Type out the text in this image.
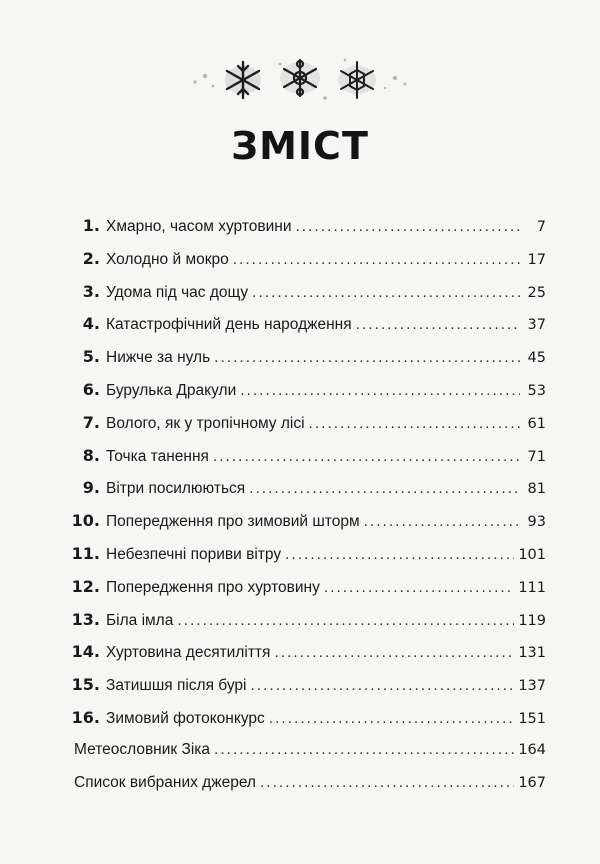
ЗМІСТ
1. Хмарно, часом хуртовини .....	7
2. Холодно й мокро .....	17
3. Удома під час дощу .....	25
4. Катастрофічний день народження .....	37
5. Нижче за нуль .....	45
6. Бурулька Дракули .....	53
7. Волого, як у тропічному лісі .....	61
8. Точка танення .....	71
9. Вітри посилюються .....	81
10. Попередження про зимовий шторм .....	93
11. Небезпечні пориви вітру .....	101
12. Попередження про хуртовину .....	111
13. Біла імла .....	119
14. Хуртовина десятиліття .....	131
15. Затишшя після бурі .....	137
16. Зимовий фотоконкурс .....	151
Метеословник Зіка .....	164
Список вибраних джерел .....	167
